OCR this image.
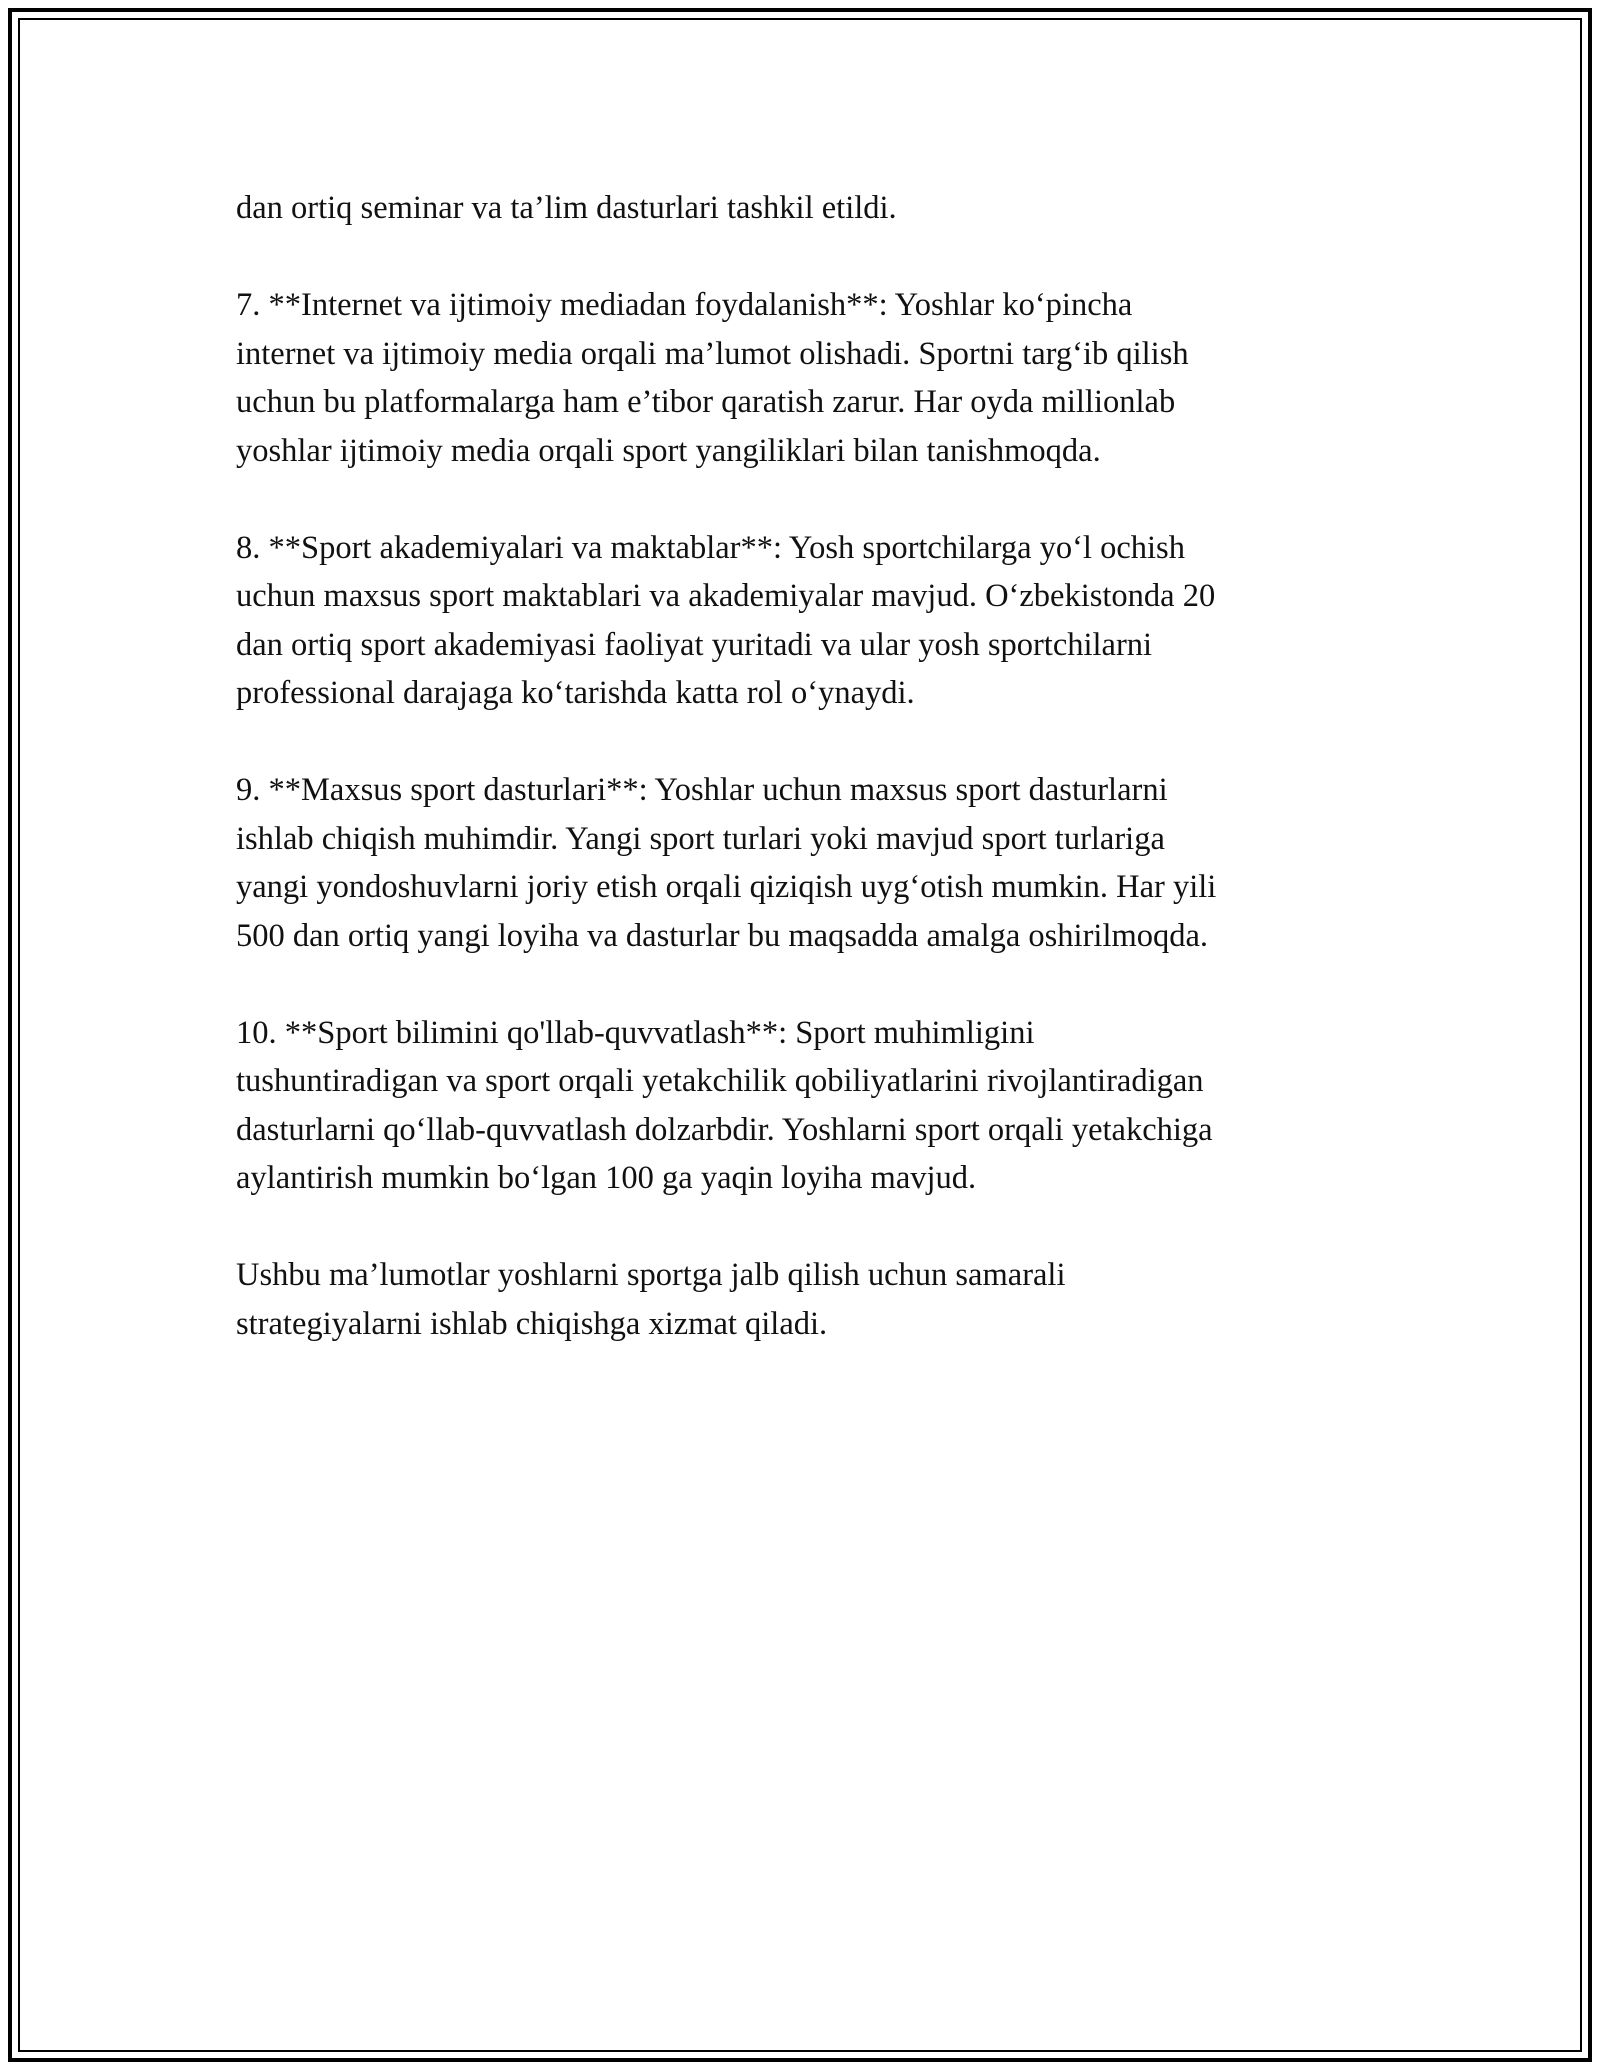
dan ortiq seminar va ta’lim dasturlari tashkil etildi.

7. **Internet va ijtimoiy mediadan foydalanish**: Yoshlar ko‘pincha
internet va ijtimoiy media orqali ma’lumot olishadi. Sportni targ‘ib qilish
uchun bu platformalarga ham e’tibor qaratish zarur. Har oyda millionlab
yoshlar ijtimoiy media orqali sport yangiliklari bilan tanishmoqda.

8. **Sport akademiyalari va maktablar**: Yosh sportchilarga yo‘l ochish
uchun maxsus sport maktablari va akademiyalar mavjud. O‘zbekistonda 20
dan ortiq sport akademiyasi faoliyat yuritadi va ular yosh sportchilarni
professional darajaga ko‘tarishda katta rol o‘ynaydi.

9. **Maxsus sport dasturlari**: Yoshlar uchun maxsus sport dasturlarni
ishlab chiqish muhimdir. Yangi sport turlari yoki mavjud sport turlariga
yangi yondoshuvlarni joriy etish orqali qiziqish uyg‘otish mumkin. Har yili
500 dan ortiq yangi loyiha va dasturlar bu maqsadda amalga oshirilmoqda.

10. **Sport bilimini qo'llab-quvvatlash**: Sport muhimligini
tushuntiradigan va sport orqali yetakchilik qobiliyatlarini rivojlantiradigan
dasturlarni qo‘llab-quvvatlash dolzarbdir. Yoshlarni sport orqali yetakchiga
aylantirish mumkin bo‘lgan 100 ga yaqin loyiha mavjud.

Ushbu ma’lumotlar yoshlarni sportga jalb qilish uchun samarali
strategiyalarni ishlab chiqishga xizmat qiladi.
